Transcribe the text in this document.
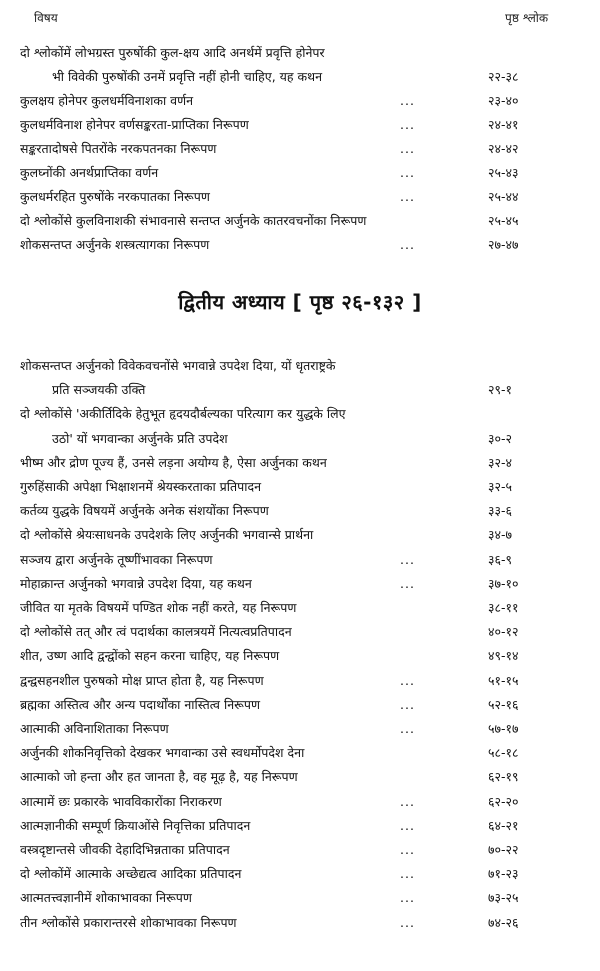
विषय	पृष्ठ श्लोक
द्वितीय अध्याय [ पृष्ठ २६-१३२ ]
दो श्लोकोंमें लोभग्रस्त पुरुषोंकी कुल-क्षय आदि अनर्थमें प्रवृत्ति होनेपर
भी विवेकी पुरुषोंकी उनमें प्रवृत्ति नहीं होनी चाहिए, यह कथन	२२-३८
कुलक्षय होनेपर कुलधर्मविनाशका वर्णन	...	२३-४०
कुलधर्मविनाश होनेपर वर्णसङ्करता-प्राप्तिका निरूपण	...	२४-४१
सङ्करतादोषसे पितरोंके नरकपतनका निरूपण	...	२४-४२
कुलघ्नोंकी अनर्थप्राप्तिका वर्णन	...	२५-४३
कुलधर्मरहित पुरुषोंके नरकपातका निरूपण	...	२५-४४
दो श्लोकोंसे कुलविनाशकी संभावनासे सन्तप्त अर्जुनके कातरवचनोंका निरूपण	२५-४५
शोकसन्तप्त अर्जुनके शस्त्रत्यागका निरूपण	...	२७-४७
शोकसन्तप्त अर्जुनको विवेकवचनोंसे भगवान्ने उपदेश दिया, यों धृतराष्ट्रके
प्रति सञ्जयकी उक्ति	२९-१
दो श्लोकोंसे 'अकीर्तिदिके हेतुभूत हृदयदौर्बल्यका परित्याग कर युद्धके लिए
उठो' यों भगवान्का अर्जुनके प्रति उपदेश	३०-२
भीष्म और द्रोण पूज्य हैं, उनसे लड़ना अयोग्य है, ऐसा अर्जुनका कथन	३२-४
गुरुहिंसाकी अपेक्षा भिक्षाशनमें श्रेयस्करताका प्रतिपादन	३२-५
कर्तव्य युद्धके विषयमें अर्जुनके अनेक संशयोंका निरूपण	३३-६
दो श्लोकोंसे श्रेयःसाधनके उपदेशके लिए अर्जुनकी भगवान्से प्रार्थना	३४-७
सञ्जय द्वारा अर्जुनके तूष्णींभावका निरूपण	...	३६-९
मोहाक्रान्त अर्जुनको भगवान्ने उपदेश दिया, यह कथन	...	३७-१०
जीवित या मृतके विषयमें पण्डित शोक नहीं करते, यह निरूपण	३८-११
दो श्लोकोंसे तत् और त्वं पदार्थका कालत्रयमें नित्यत्वप्रतिपादन	४०-१२
शीत, उष्ण आदि द्वन्द्वोंको सहन करना चाहिए, यह निरूपण	४९-१४
द्वन्द्वसहनशील पुरुषको मोक्ष प्राप्त होता है, यह निरूपण	...	५१-१५
ब्रह्मका अस्तित्व और अन्य पदार्थोंका नास्तित्व निरूपण	...	५२-१६
आत्माकी अविनाशिताका निरूपण	...	५७-१७
अर्जुनकी शोकनिवृत्तिको देखकर भगवान्का उसे स्वधर्मोपदेश देना	५८-१८
आत्माको जो हन्ता और हत जानता है, वह मूढ़ है, यह निरूपण	६२-१९
आत्मामें छः प्रकारके भावविकारोंका निराकरण	...	६२-२०
आत्मज्ञानीकी सम्पूर्ण क्रियाओंसे निवृत्तिका प्रतिपादन	...	६४-२१
वस्त्रदृष्टान्तसे जीवकी देहादिभिन्नताका प्रतिपादन	...	७०-२२
दो श्लोकोंमें आत्माके अच्छेद्यत्व आदिका प्रतिपादन	...	७१-२३
आत्मतत्त्वज्ञानीमें शोकाभावका निरूपण	...	७३-२५
तीन श्लोकोंसे प्रकारान्तरसे शोकाभावका निरूपण	...	७४-२६
